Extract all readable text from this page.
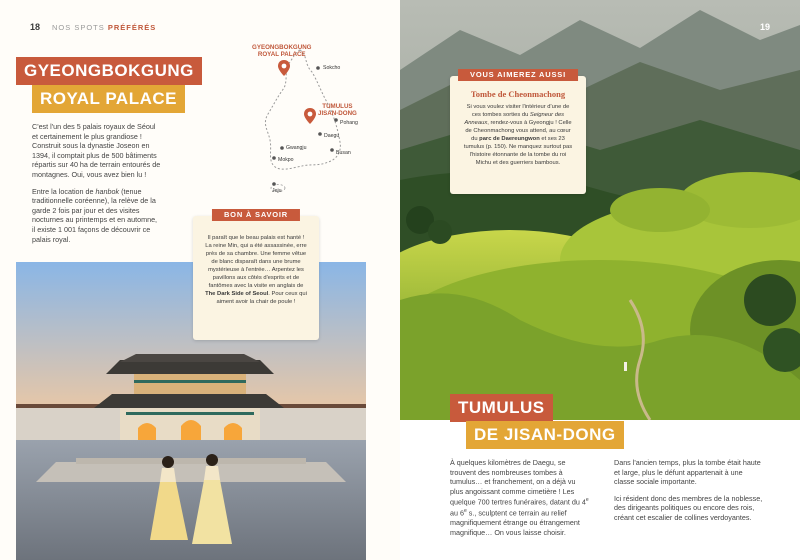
18 NOS SPOTS PRÉFÉRÉS
GYEONGBOKGUNG
ROYAL PALACE

C'est l'un des 5 palais royaux de Séoul et certainement le plus grandiose ! Construit sous la dynastie Joseon en 1394, il comptait plus de 500 bâtiments répartis sur 40 ha de terrain entourés de montagnes. Oui, vous avez bien lu !

Entre la location de hanbok (tenue traditionnelle coréenne), la relève de la garde 2 fois par jour et des visites nocturnes au printemps et en automne, il existe 1 001 façons de découvrir ce palais royal.

GYEONGBOKGUNG
ROYAL PALACE
TUMULUS
JISAN-DONG
Sokcho
Pohang
Daegu
Busan
Gwangju
Mokpo
Jeju
BON À SAVOIR
Il paraît que le beau palais est hanté ! La reine Min, qui a été assassinée, erre près de sa chambre. Une femme vêtue de blanc disparaît dans une brume mystérieuse à l'entrée… Arpentez les pavillons aux côtés d'esprits et de fantômes avec la visite en anglais de The Dark Side of Seoul. Pour ceux qui aiment avoir la chair de poule !
19
VOUS AIMEREZ AUSSI
Tombe de Cheonmachong
Si vous voulez visiter l'intérieur d'une de ces tombes sorties du Seigneur des Anneaux, rendez-vous à Gyeongju ! Celle de Cheonmachong vous attend, au cœur du parc de Daereungwon et ses 23 tumulus (p. 150). Ne manquez surtout pas l'histoire étonnante de la tombe du roi Michu et des guerriers bambous.
TUMULUS
DE JISAN-DONG

À quelques kilomètres de Daegu, se trouvent des nombreuses tombes à tumulus… et franchement, on a déjà vu plus angoissant comme cimetière ! Les quelque 700 tertres funéraires, datant du 4e au 6e s., sculptent ce terrain au relief magnifiquement étrange ou étrangement magnifique… On vous laisse choisir.

Dans l'ancien temps, plus la tombe était haute et large, plus le défunt appartenait à une classe sociale importante.

Ici résident donc des membres de la noblesse, des dirigeants politiques ou encore des rois, créant cet escalier de collines verdoyantes.
